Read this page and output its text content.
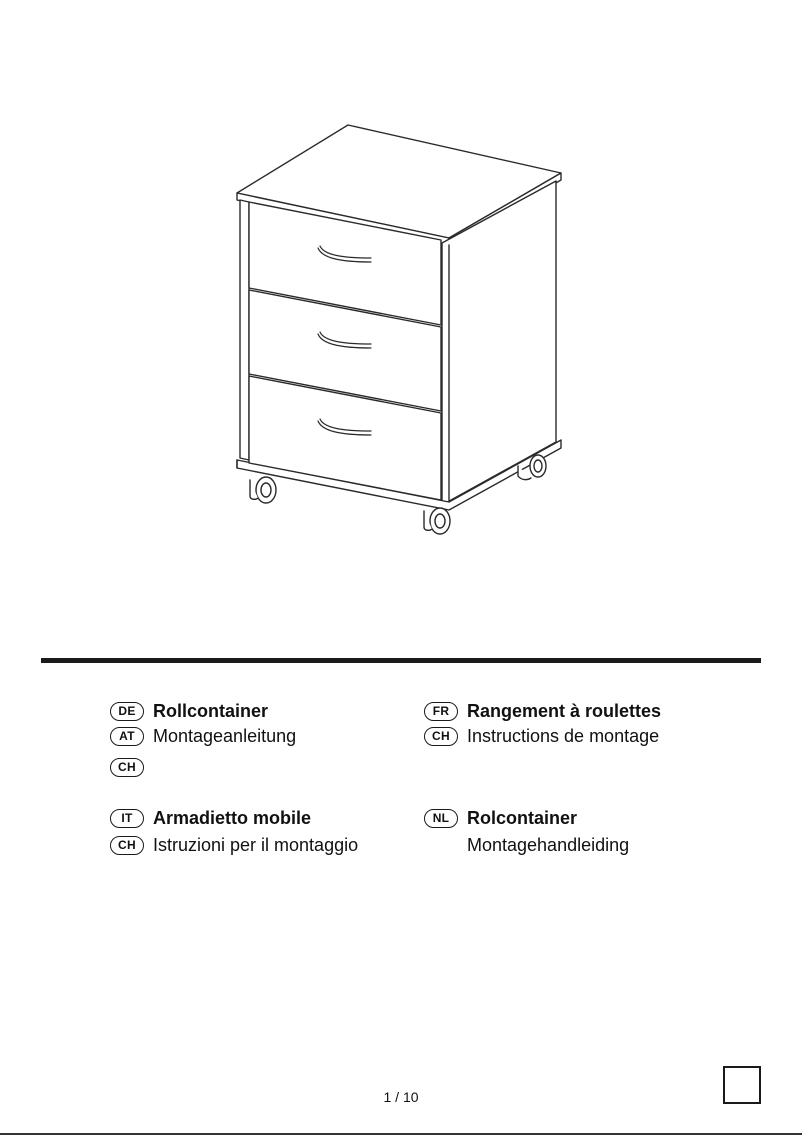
DE Rollcontainer
AT	Montageanleitung
CH
FR Rangement à roulettes
CH Instructions de montage
IT	Armadietto mobile
CH Istruzioni per il montaggio
NL Rolcontainer
Montagehandleiding
1 / 10
